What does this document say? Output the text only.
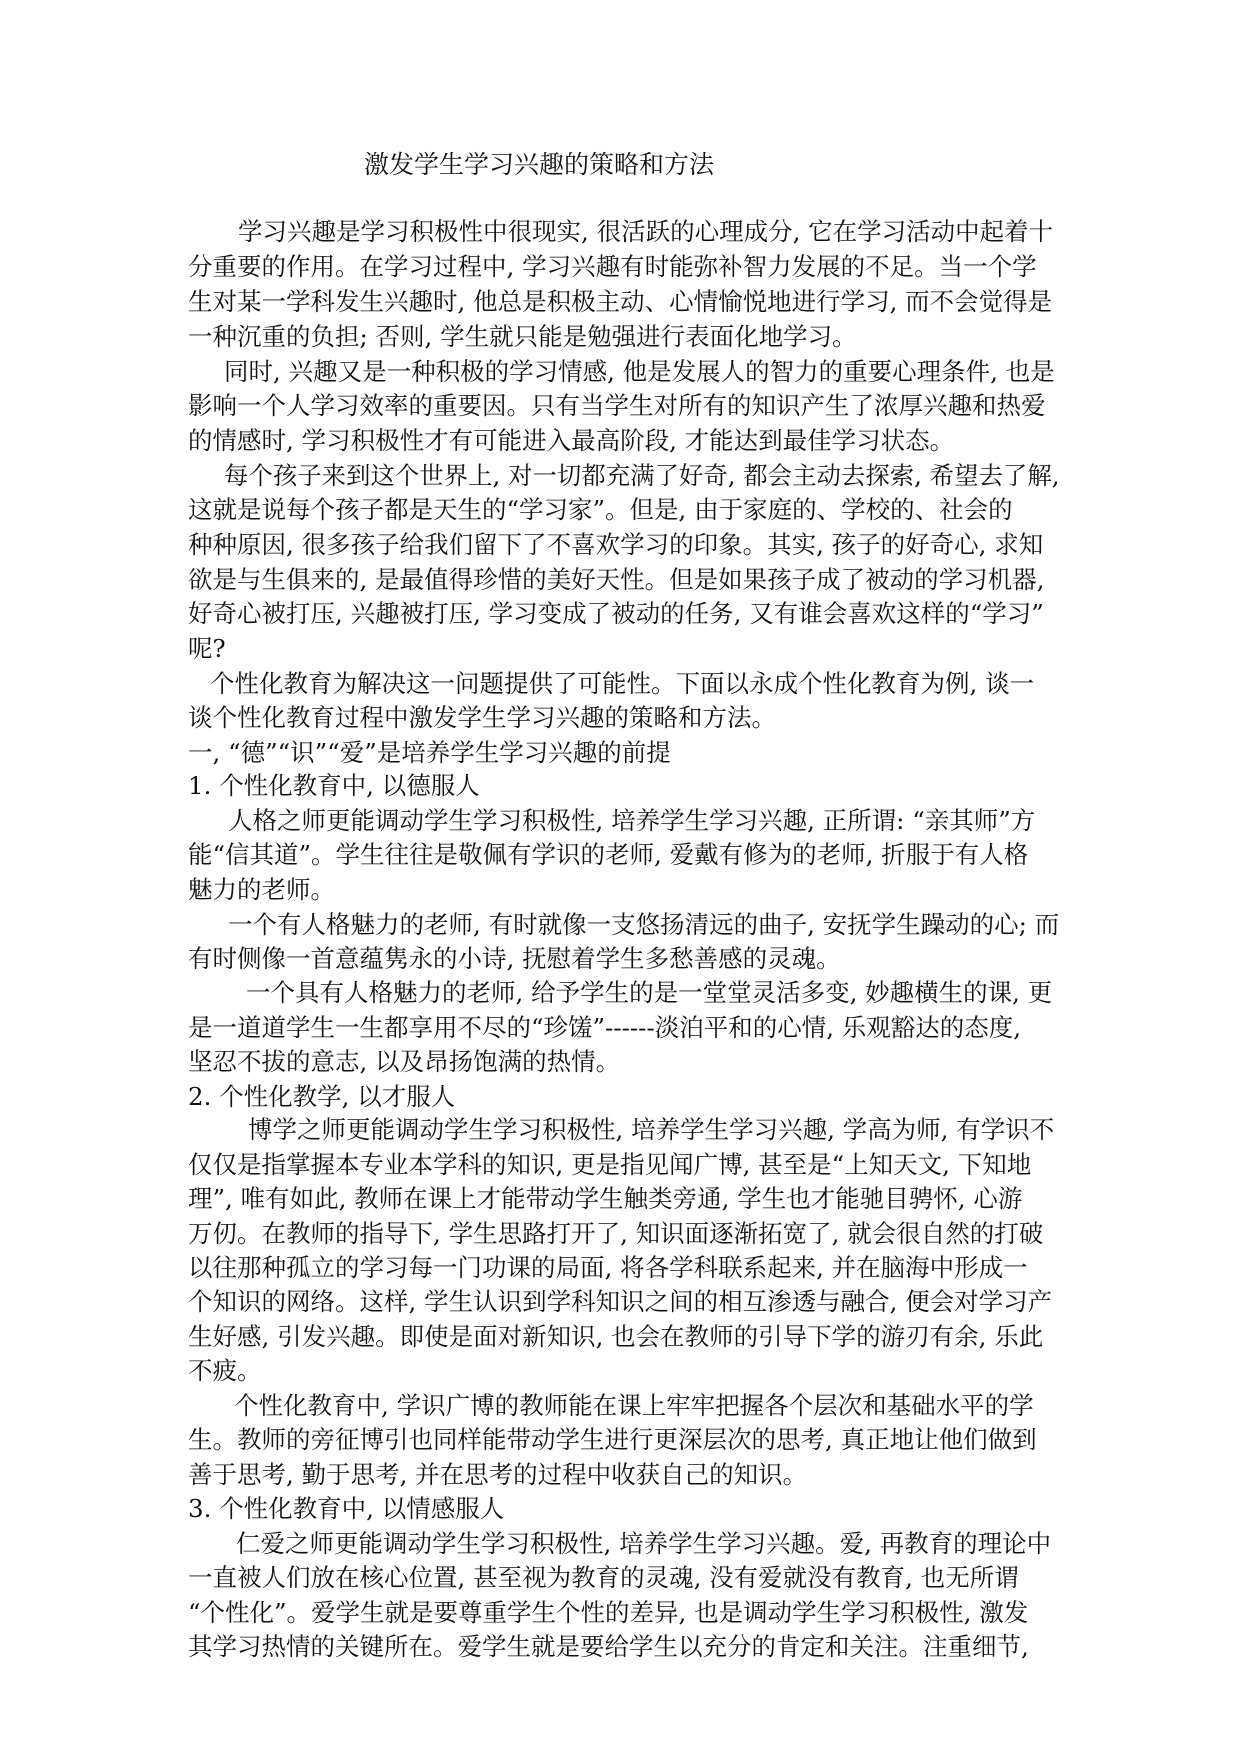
激发学生学习兴趣的策略和方法
学习兴趣是学习积极性中很现实, 很活跃的心理成分, 它在学习活动中起着十
分重要的作用。在学习过程中, 学习兴趣有时能弥补智力发展的不足。当一个学
生对某一学科发生兴趣时, 他总是积极主动、心情愉悦地进行学习, 而不会觉得是
一种沉重的负担; 否则, 学生就只能是勉强进行表面化地学习。
同时, 兴趣又是一种积极的学习情感, 他是发展人的智力的重要心理条件, 也是
影响一个人学习效率的重要因。只有当学生对所有的知识产生了浓厚兴趣和热爱
的情感时, 学习积极性才有可能进入最高阶段, 才能达到最佳学习状态。
每个孩子来到这个世界上, 对一切都充满了好奇, 都会主动去探索, 希望去了解,
这就是说每个孩子都是天生的“学习家”。但是, 由于家庭的、学校的、社会的
种种原因, 很多孩子给我们留下了不喜欢学习的印象。其实, 孩子的好奇心, 求知
欲是与生俱来的, 是最值得珍惜的美好天性。但是如果孩子成了被动的学习机器,
好奇心被打压, 兴趣被打压, 学习变成了被动的任务, 又有谁会喜欢这样的“学习”
呢?
个性化教育为解决这一问题提供了可能性。下面以永成个性化教育为例, 谈一
谈个性化教育过程中激发学生学习兴趣的策略和方法。
一, “德”“识”“爱”是培养学生学习兴趣的前提
1. 个性化教育中, 以德服人
人格之师更能调动学生学习积极性, 培养学生学习兴趣, 正所谓: “亲其师”方
能“信其道”。学生往往是敬佩有学识的老师, 爱戴有修为的老师, 折服于有人格
魅力的老师。
一个有人格魅力的老师, 有时就像一支悠扬清远的曲子, 安抚学生躁动的心; 而
有时侧像一首意蕴隽永的小诗, 抚慰着学生多愁善感的灵魂。
一个具有人格魅力的老师, 给予学生的是一堂堂灵活多变, 妙趣横生的课, 更
是一道道学生一生都享用不尽的“珍馐”------淡泊平和的心情, 乐观豁达的态度,
坚忍不拔的意志, 以及昂扬饱满的热情。
2. 个性化教学, 以才服人
博学之师更能调动学生学习积极性, 培养学生学习兴趣, 学高为师, 有学识不
仅仅是指掌握本专业本学科的知识, 更是指见闻广博, 甚至是“上知天文, 下知地
理”, 唯有如此, 教师在课上才能带动学生触类旁通, 学生也才能驰目骋怀, 心游
万仞。在教师的指导下, 学生思路打开了, 知识面逐渐拓宽了, 就会很自然的打破
以往那种孤立的学习每一门功课的局面, 将各学科联系起来, 并在脑海中形成一
个知识的网络。这样, 学生认识到学科知识之间的相互渗透与融合, 便会对学习产
生好感, 引发兴趣。即使是面对新知识, 也会在教师的引导下学的游刃有余, 乐此
不疲。
个性化教育中, 学识广博的教师能在课上牢牢把握各个层次和基础水平的学
生。教师的旁征博引也同样能带动学生进行更深层次的思考, 真正地让他们做到
善于思考, 勤于思考, 并在思考的过程中收获自己的知识。
3. 个性化教育中, 以情感服人
仁爱之师更能调动学生学习积极性, 培养学生学习兴趣。爱, 再教育的理论中
一直被人们放在核心位置, 甚至视为教育的灵魂, 没有爱就没有教育, 也无所谓
“个性化”。爱学生就是要尊重学生个性的差异, 也是调动学生学习积极性, 激发
其学习热情的关键所在。爱学生就是要给学生以充分的肯定和关注。注重细节,
